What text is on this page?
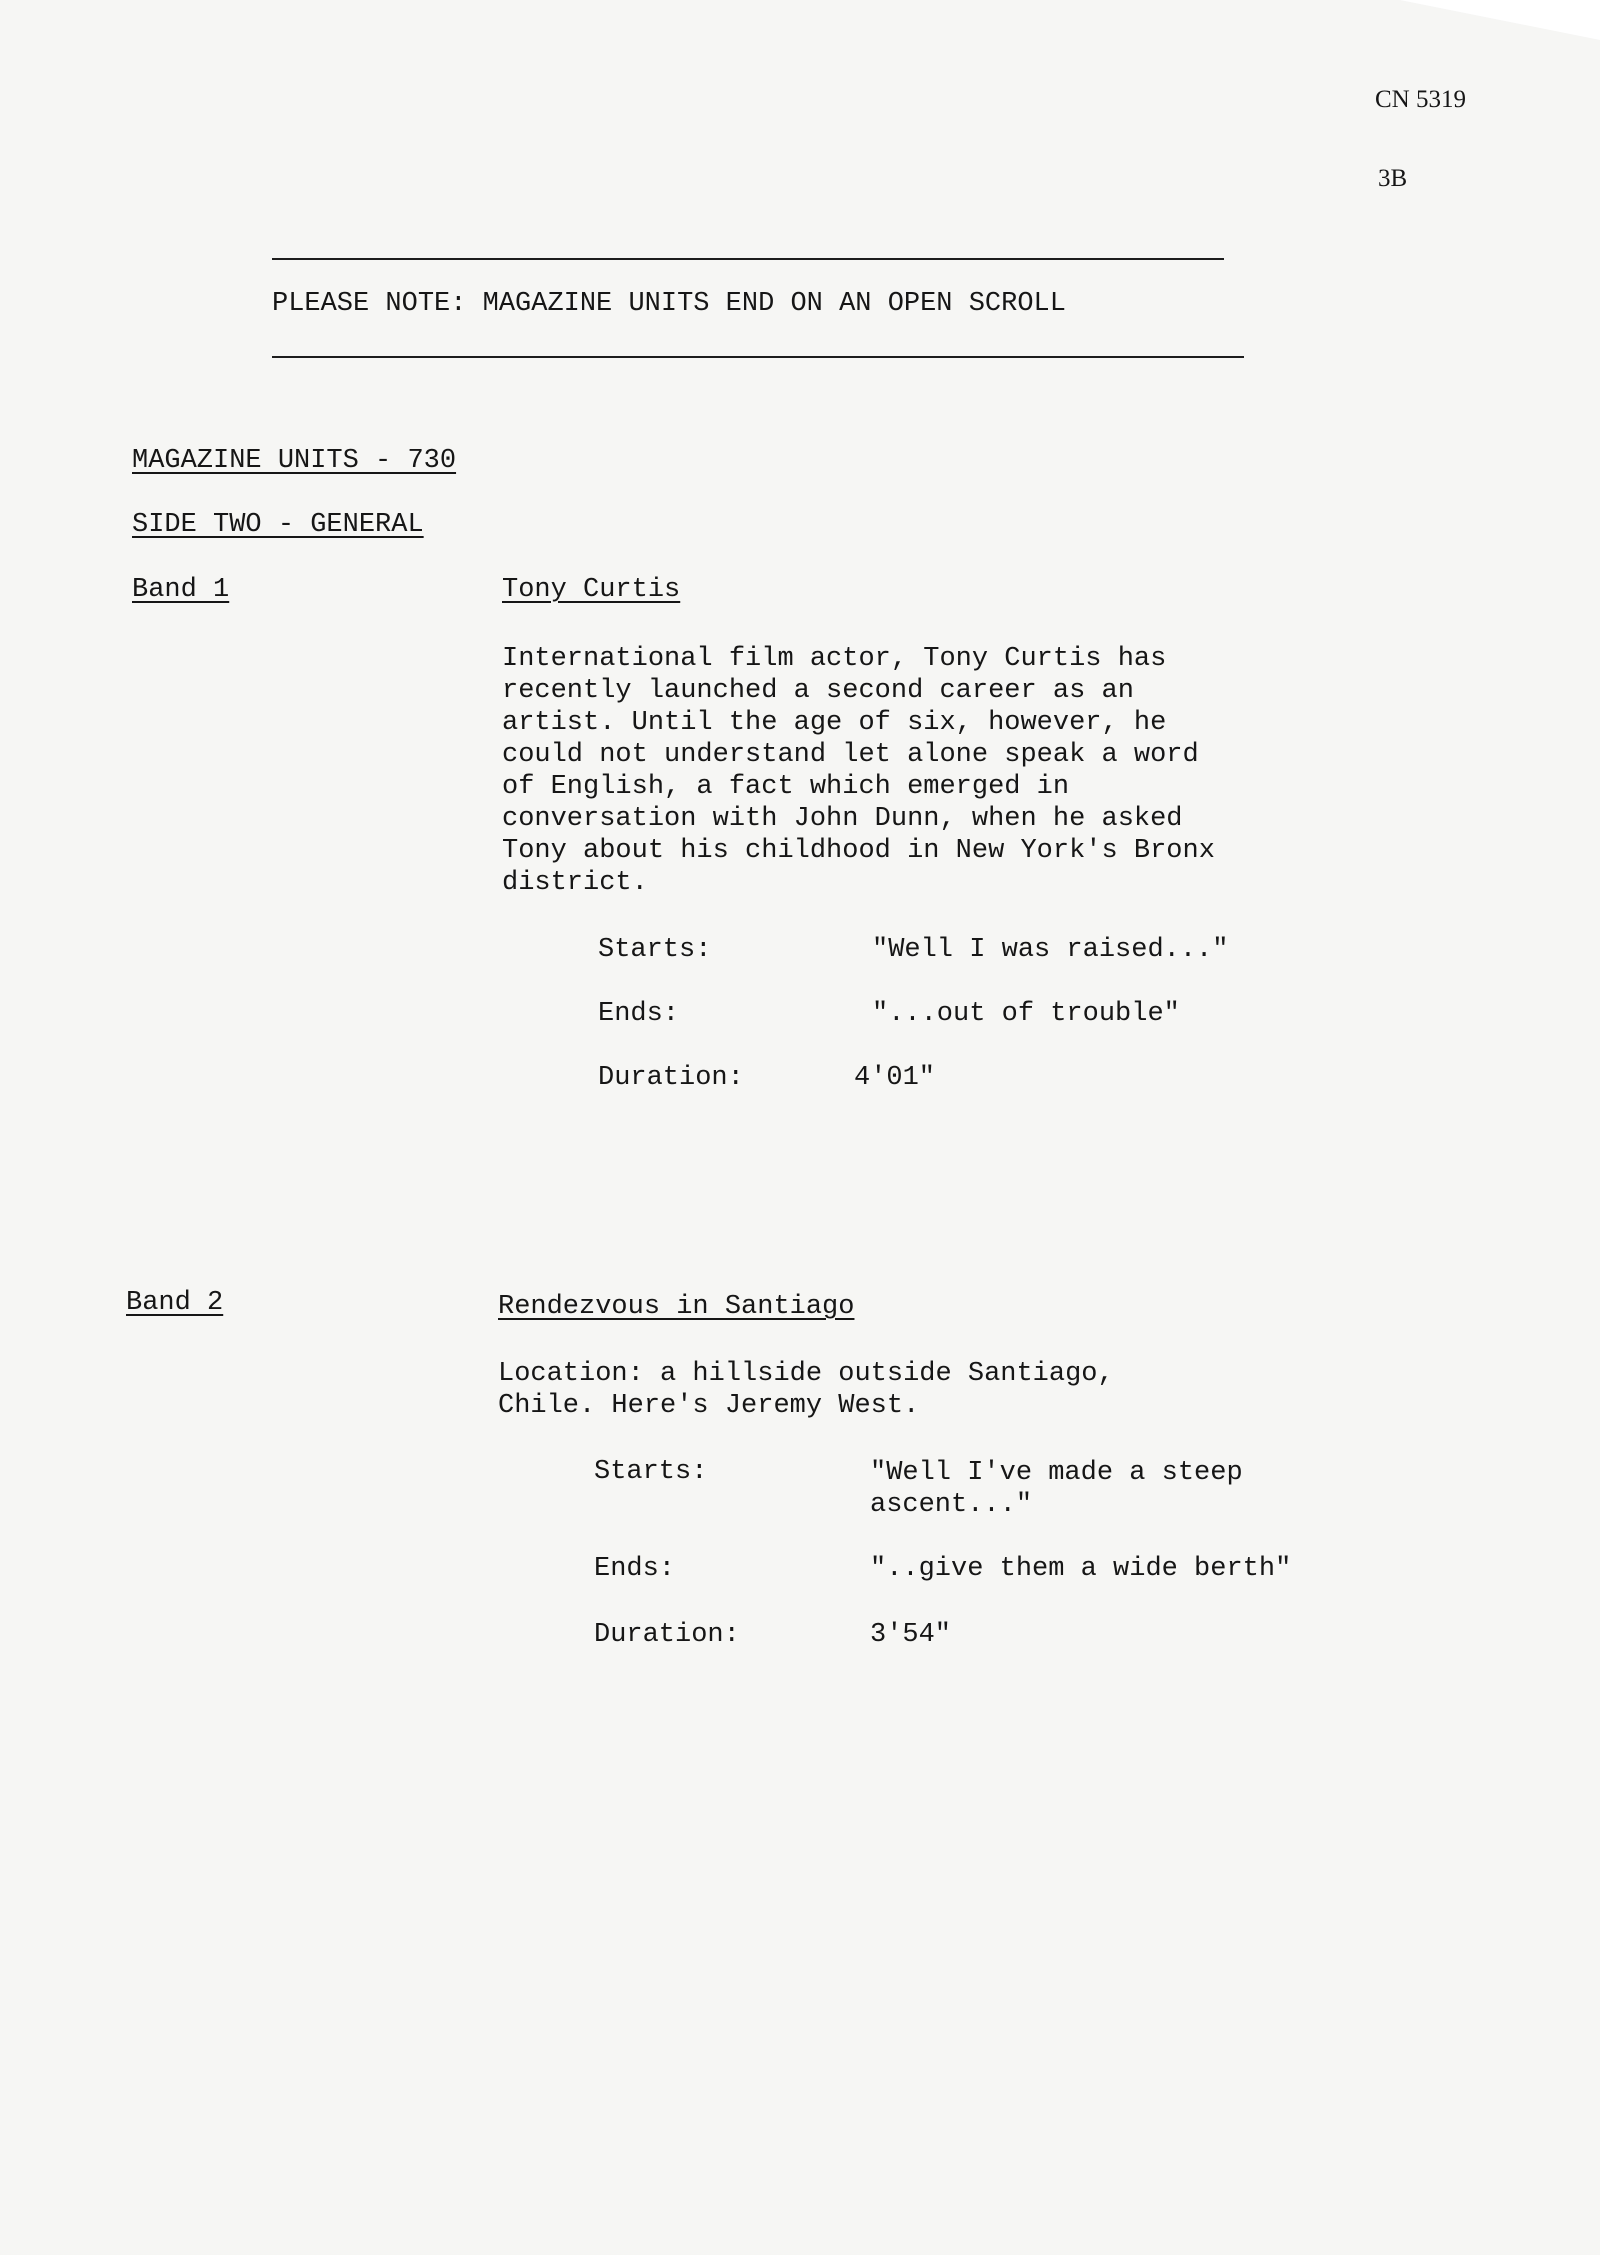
CN 5319
3B
PLEASE NOTE: MAGAZINE UNITS END ON AN OPEN SCROLL
MAGAZINE UNITS - 730
SIDE TWO - GENERAL
Band 1	Tony Curtis
International film actor, Tony Curtis has
recently launched a second career as an
artist. Until the age of six, however, he
could not understand let alone speak a word
of English, a fact which emerged in
conversation with John Dunn, when he asked
Tony about his childhood in New York's Bronx
district.
Starts:	"Well I was raised..."
Ends:	"...out of trouble"
Duration:	4'01"
Band 2	Rendezvous in Santiago
Location: a hillside outside Santiago,
Chile. Here's Jeremy West.
Starts:	"Well I've made a steep
ascent..."
Ends:	"..give them a wide berth"
Duration:	3'54"
